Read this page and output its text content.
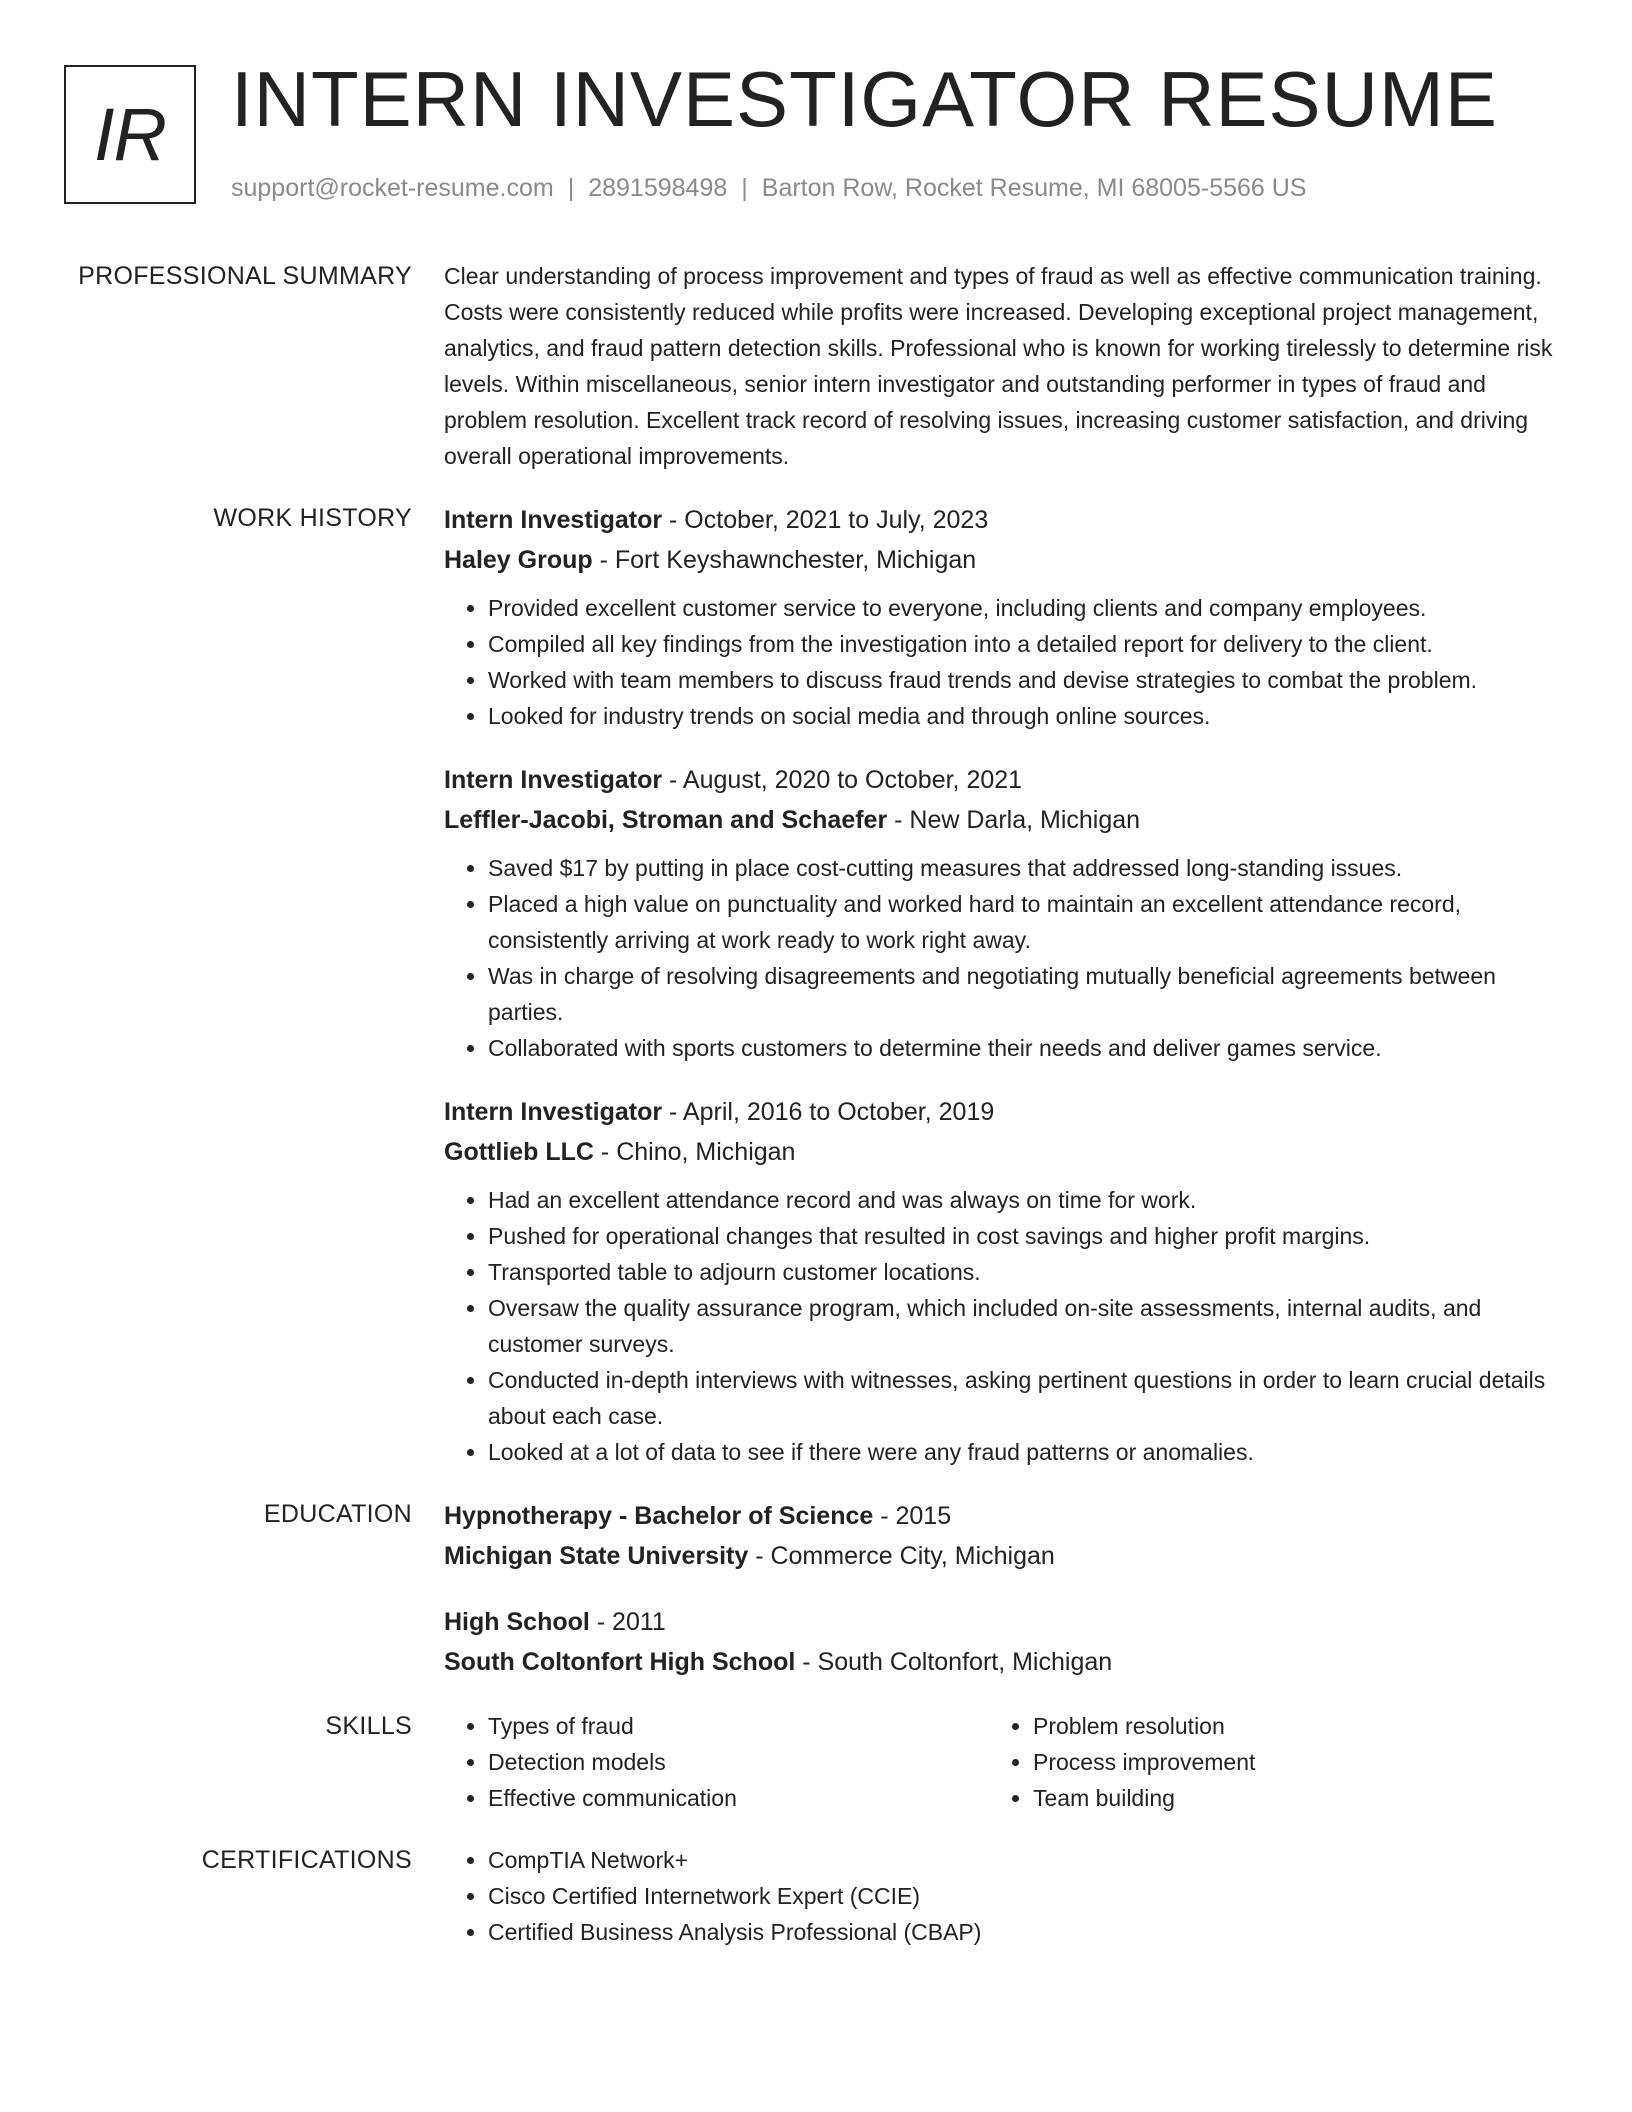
IR INTERN INVESTIGATOR RESUME
support@rocket-resume.com | 2891598498 | Barton Row, Rocket Resume, MI 68005-5566 US
PROFESSIONAL SUMMARY Clear understanding of process improvement and types of fraud as well as effective communication training. Costs were consistently reduced while profits were increased. Developing exceptional project management, analytics, and fraud pattern detection skills. Professional who is known for working tirelessly to determine risk levels. Within miscellaneous, senior intern investigator and outstanding performer in types of fraud and problem resolution. Excellent track record of resolving issues, increasing customer satisfaction, and driving overall operational improvements.

WORK HISTORY Intern Investigator - October, 2021 to July, 2023
Haley Group - Fort Keyshawnchester, Michigan
• Provided excellent customer service to everyone, including clients and company employees.
• Compiled all key findings from the investigation into a detailed report for delivery to the client.
• Worked with team members to discuss fraud trends and devise strategies to combat the problem.
• Looked for industry trends on social media and through online sources.
Intern Investigator - August, 2020 to October, 2021
Leffler-Jacobi, Stroman and Schaefer - New Darla, Michigan
• Saved $17 by putting in place cost-cutting measures that addressed long-standing issues.
• Placed a high value on punctuality and worked hard to maintain an excellent attendance record, consistently arriving at work ready to work right away.
• Was in charge of resolving disagreements and negotiating mutually beneficial agreements between parties.
• Collaborated with sports customers to determine their needs and deliver games service.
Intern Investigator - April, 2016 to October, 2019
Gottlieb LLC - Chino, Michigan
• Had an excellent attendance record and was always on time for work.
• Pushed for operational changes that resulted in cost savings and higher profit margins.
• Transported table to adjourn customer locations.
• Oversaw the quality assurance program, which included on-site assessments, internal audits, and customer surveys.
• Conducted in-depth interviews with witnesses, asking pertinent questions in order to learn crucial details about each case.
• Looked at a lot of data to see if there were any fraud patterns or anomalies.
EDUCATION Hypnotherapy - Bachelor of Science - 2015
Michigan State University - Commerce City, Michigan
High School - 2011
South Coltonfort High School - South Coltonfort, Michigan
SKILLS	• Types of fraud
• Detection models
• Effective communication
• Problem resolution
• Process improvement
• Team building
CERTIFICATIONS	• CompTIA Network+
• Cisco Certified Internetwork Expert (CCIE)
• Certified Business Analysis Professional (CBAP)
